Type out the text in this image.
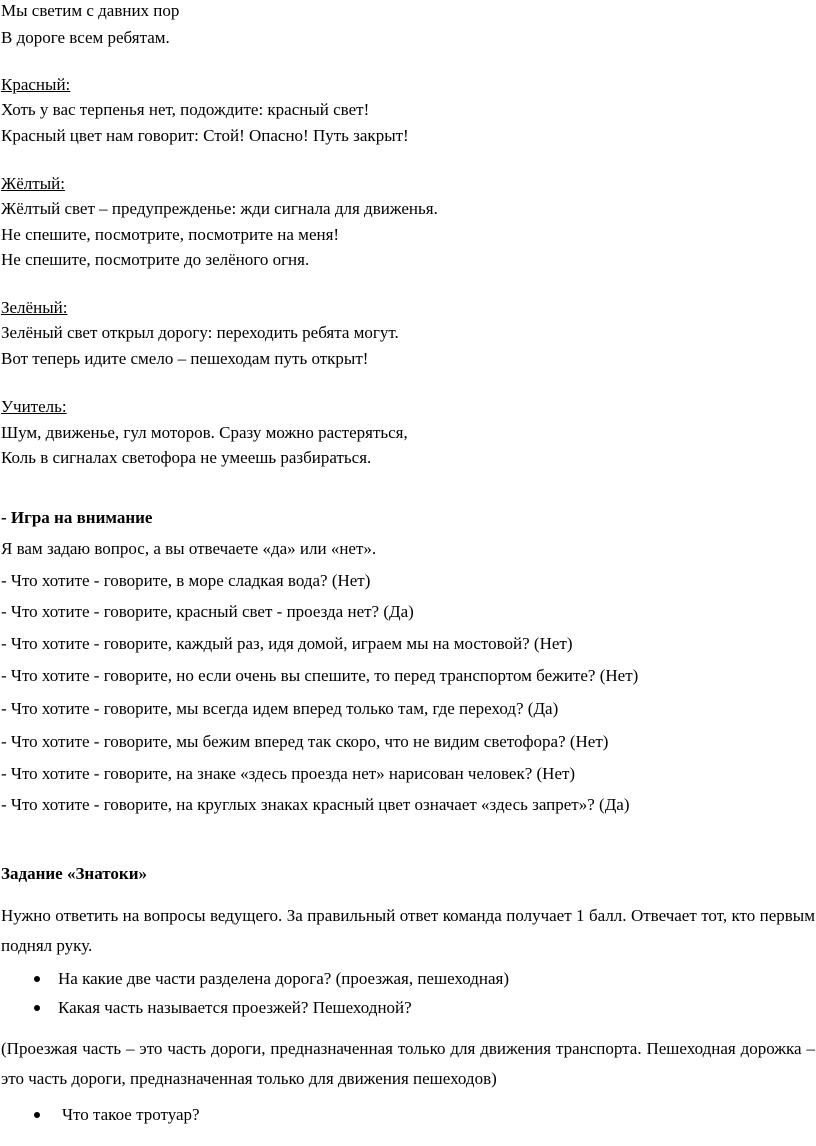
Мы светим с давних пор
В дороге всем ребятам.
Красный:
Хоть у вас терпенья нет, подождите: красный свет!
Красный цвет нам говорит: Стой! Опасно! Путь закрыт!
Жёлтый:
Жёлтый свет – предупрежденье: жди сигнала для движенья.
Не спешите, посмотрите, посмотрите на меня!
Не спешите, посмотрите до зелёного огня.
Зелёный:
Зелёный свет открыл дорогу: переходить ребята могут.
Вот теперь идите смело – пешеходам путь открыт!
Учитель:
Шум, движенье, гул моторов. Сразу можно растеряться,
Коль в сигналах светофора не умеешь разбираться.
- Игра на внимание
Я вам задаю вопрос, а вы отвечаете «да» или «нет».
- Что хотите - говорите, в море сладкая вода? (Нет)
- Что хотите - говорите, красный свет - проезда нет? (Да)
- Что хотите - говорите, каждый раз, идя домой, играем мы на мостовой? (Нет)
- Что хотите - говорите, но если очень вы спешите, то перед транспортом бежите? (Нет)
- Что хотите - говорите, мы всегда идем вперед только там, где переход? (Да)
- Что хотите - говорите, мы бежим вперед так скоро, что не видим светофора? (Нет)
- Что хотите - говорите, на знаке «здесь проезда нет» нарисован человек? (Нет)
- Что хотите - говорите, на круглых знаках красный цвет означает «здесь запрет»? (Да)
Задание «Знатоки»
Нужно ответить на вопросы ведущего. За правильный ответ команда получает 1 балл. Отвечает тот, кто первым поднял руку.
На какие две части разделена дорога? (проезжая, пешеходная)
Какая часть называется проезжей? Пешеходной?
(Проезжая часть – это часть дороги, предназначенная только для движения транспорта. Пешеходная дорожка – это часть дороги, предназначенная только для движения пешеходов)
Что такое тротуар?
